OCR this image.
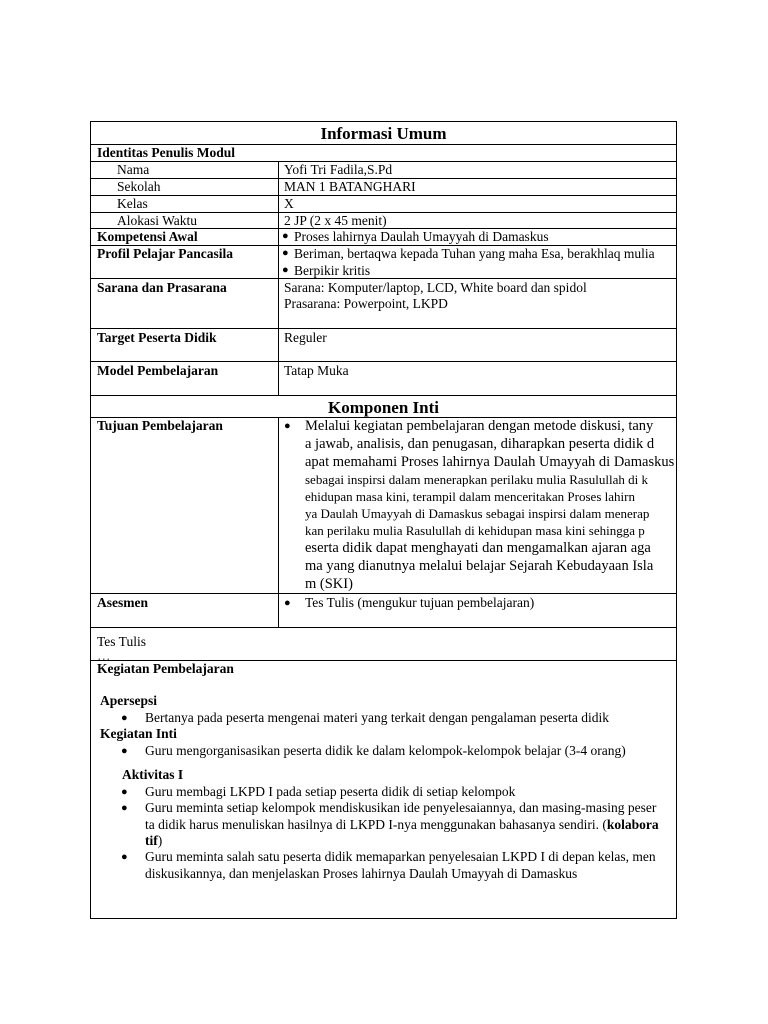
Informasi Umum
Identitas Penulis Modul
Nama	Yofi Tri Fadila,S.Pd
Sekolah	MAN 1 BATANGHARI
Kelas	X
Alokasi Waktu	2 JP (2 x 45 menit)
Kompetensi Awal	● Proses lahirnya Daulah Umayyah di Damaskus
Profil Pelajar Pancasila	● Beriman, bertaqwa kepada Tuhan yang maha Esa, berakhlaq mulia
● Berpikir kritis
Sarana dan Prasarana	Sarana: Komputer/laptop, LCD, White board dan spidol
Prasarana: Powerpoint, LKPD
Target Peserta Didik	Reguler
Model Pembelajaran	Tatap Muka
Komponen Inti
Tujuan Pembelajaran	● Melalui kegiatan pembelajaran dengan metode diskusi, tany
a jawab, analisis, dan penugasan, diharapkan peserta didik d
apat memahami Proses lahirnya Daulah Umayyah di Damaskus
sebagai inspirsi dalam menerapkan perilaku mulia Rasulullah di k
ehidupan masa kini, terampil dalam menceritakan Proses lahirn
ya Daulah Umayyah di Damaskus sebagai inspirsi dalam menerap
kan perilaku mulia Rasulullah di kehidupan masa kini sehingga p
eserta didik dapat menghayati dan mengamalkan ajaran aga
ma yang dianutnya melalui belajar Sejarah Kebudayaan Isla
m (SKI)
Asesmen	● Tes Tulis (mengukur tujuan pembelajaran)
Tes Tulis
…
Kegiatan Pembelajaran
Apersepsi
● Bertanya pada peserta mengenai materi yang terkait dengan pengalaman peserta didik
Kegiatan Inti
● Guru mengorganisasikan peserta didik ke dalam kelompok-kelompok belajar (3-4 orang)
Aktivitas I
● Guru membagi LKPD I pada setiap peserta didik di setiap kelompok
● Guru meminta setiap kelompok mendiskusikan ide penyelesaiannya, dan masing-masing peser
ta didik harus menuliskan hasilnya di LKPD I-nya menggunakan bahasanya sendiri. (kolabora
tif)
● Guru meminta salah satu peserta didik memaparkan penyelesaian LKPD I di depan kelas, men
diskusikannya, dan menjelaskan Proses lahirnya Daulah Umayyah di Damaskus
